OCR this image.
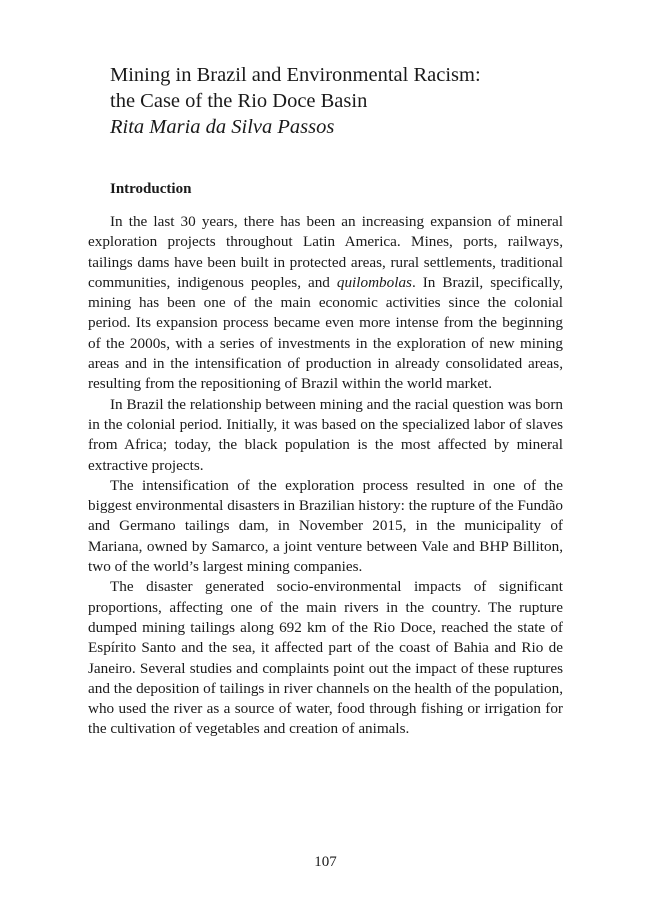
Mining in Brazil and Environmental Racism:
the Case of the Rio Doce Basin
Rita Maria da Silva Passos
Introduction

In the last 30 years, there has been an increasing expansion of mineral exploration projects throughout Latin America. Mines, ports, railways, tailings dams have been built in protected areas, rural settlements, traditional communities, indigenous peoples, and quilombolas. In Brazil, specifically, mining has been one of the main economic activities since the colonial period. Its expansion process became even more intense from the beginning of the 2000s, with a series of investments in the exploration of new mining areas and in the intensification of production in already consolidated areas, resulting from the repositioning of Brazil within the world market.

In Brazil the relationship between mining and the racial question was born in the colonial period. Initially, it was based on the specialized labor of slaves from Africa; today, the black population is the most affected by mineral extractive projects.

The intensification of the exploration process resulted in one of the biggest environmental disasters in Brazilian history: the rupture of the Fundão and Germano tailings dam, in November 2015, in the municipality of Mariana, owned by Samarco, a joint venture between Vale and BHP Billiton, two of the world’s largest mining companies.

The disaster generated socio-environmental impacts of significant proportions, affecting one of the main rivers in the country. The rupture dumped mining tailings along 692 km of the Rio Doce, reached the state of Espírito Santo and the sea, it affected part of the coast of Bahia and Rio de Janeiro. Several studies and complaints point out the impact of these ruptures and the deposition of tailings in river channels on the health of the population, who used the river as a source of water, food through fishing or irrigation for the cultivation of vegetables and creation of animals.

107
